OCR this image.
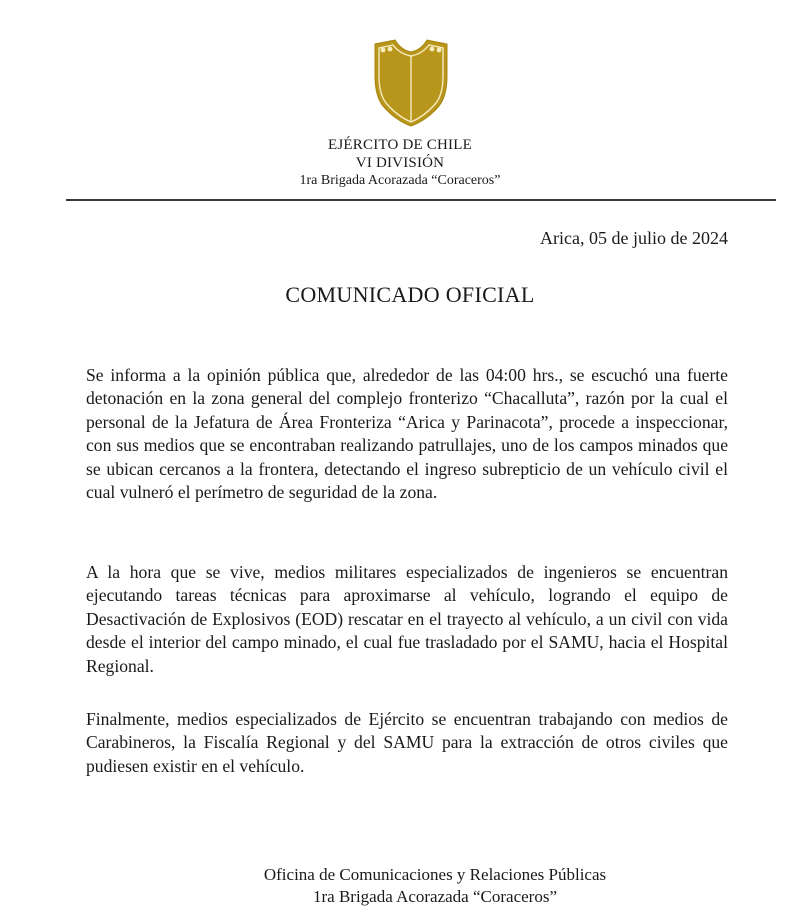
EJÉRCITO DE CHILE
VI DIVISIÓN
1ra Brigada Acorazada “Coraceros”
Arica, 05 de julio de 2024
COMUNICADO OFICIAL

Se informa a la opinión pública que, alrededor de las 04:00 hrs., se escuchó una fuerte detonación en la zona general del complejo fronterizo “Chacalluta”, razón por la cual el personal de la Jefatura de Área Fronteriza “Arica y Parinacota”, procede a inspeccionar, con sus medios que se encontraban realizando patrullajes, uno de los campos minados que se ubican cercanos a la frontera, detectando el ingreso subrepticio de un vehículo civil el cual vulneró el perímetro de seguridad de la zona.

A la hora que se vive, medios militares especializados de ingenieros se encuentran ejecutando tareas técnicas para aproximarse al vehículo, logrando el equipo de Desactivación de Explosivos (EOD) rescatar en el trayecto al vehículo, a un civil con vida desde el interior del campo minado, el cual fue trasladado por el SAMU, hacia el Hospital Regional.

Finalmente, medios especializados de Ejército se encuentran trabajando con medios de Carabineros, la Fiscalía Regional y del SAMU para la extracción de otros civiles que pudiesen existir en el vehículo.

Oficina de Comunicaciones y Relaciones Públicas
1ra Brigada Acorazada “Coraceros”
